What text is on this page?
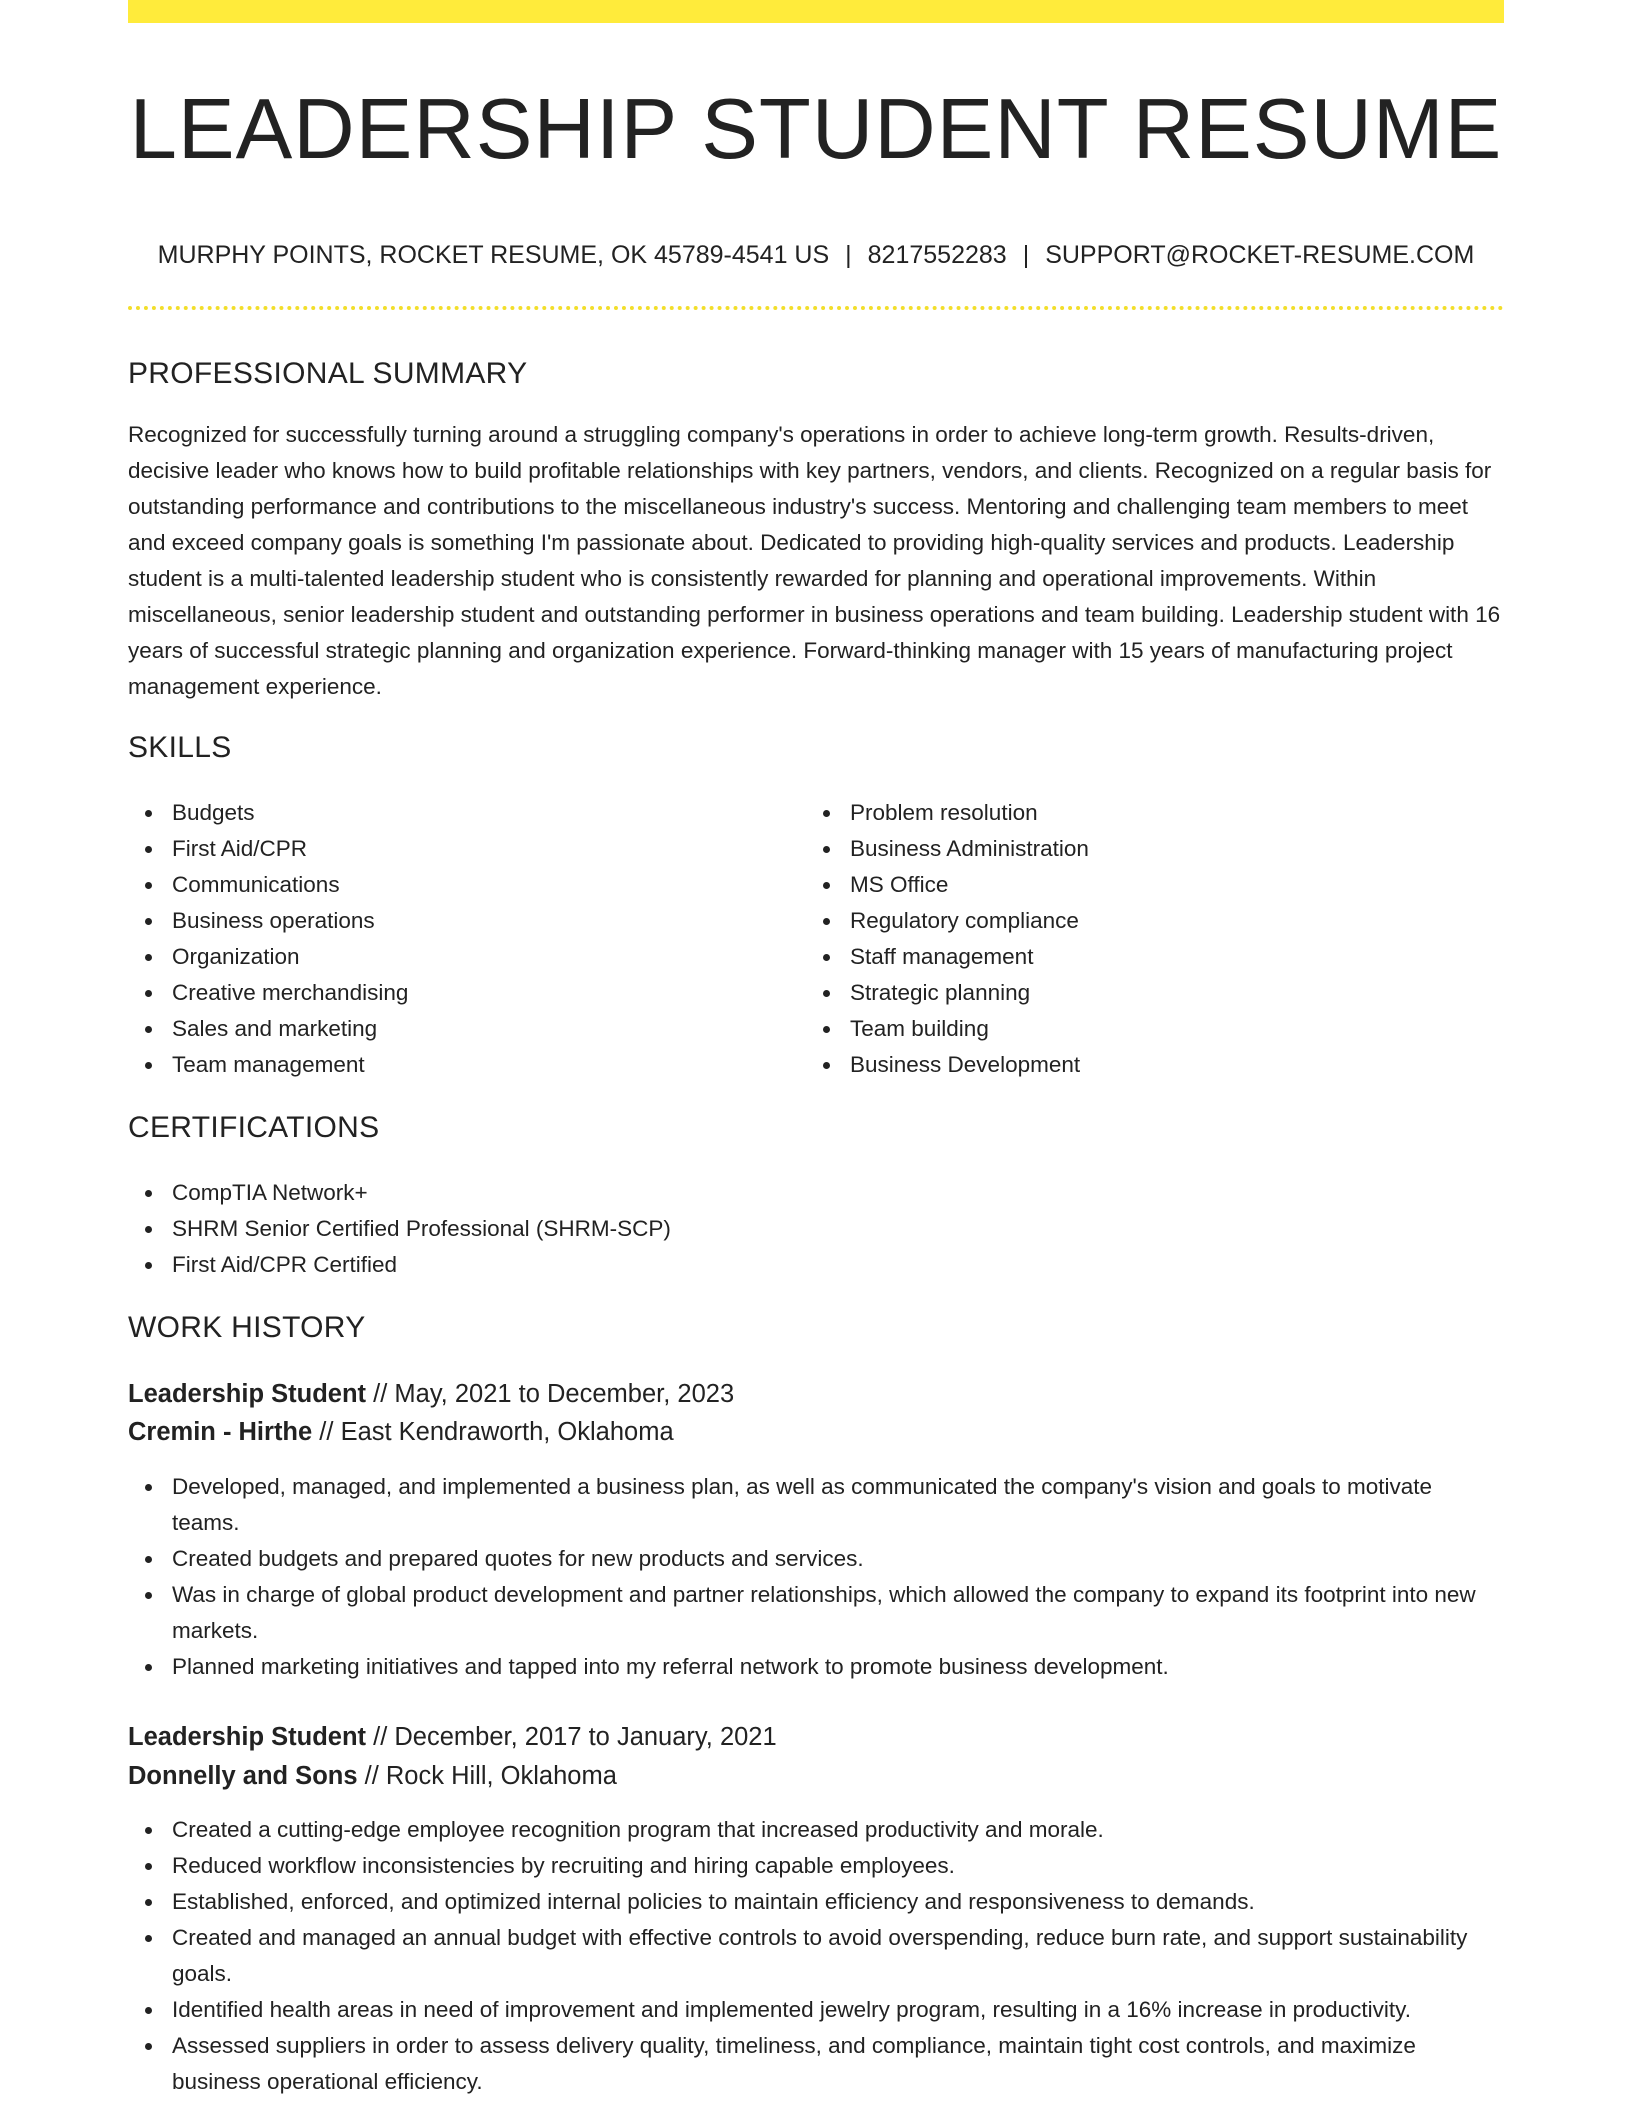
LEADERSHIP STUDENT RESUME
MURPHY POINTS, ROCKET RESUME, OK 45789-4541 US | 8217552283 | SUPPORT@ROCKET-RESUME.COM
PROFESSIONAL SUMMARY

Recognized for successfully turning around a struggling company's operations in order to achieve long-term growth. Results-driven, decisive leader who knows how to build profitable relationships with key partners, vendors, and clients. Recognized on a regular basis for outstanding performance and contributions to the miscellaneous industry's success. Mentoring and challenging team members to meet and exceed company goals is something I'm passionate about. Dedicated to providing high-quality services and products. Leadership student is a multi-talented leadership student who is consistently rewarded for planning and operational improvements. Within miscellaneous, senior leadership student and outstanding performer in business operations and team building. Leadership student with 16 years of successful strategic planning and organization experience. Forward-thinking manager with 15 years of manufacturing project management experience.

SKILLS
Budgets
First Aid/CPR
Communications
Business operations
Organization
Creative merchandising
Sales and marketing
Team management
Problem resolution
Business Administration
MS Office
Regulatory compliance
Staff management
Strategic planning
Team building
Business Development
CERTIFICATIONS
CompTIA Network+
SHRM Senior Certified Professional (SHRM-SCP)
First Aid/CPR Certified
WORK HISTORY
Leadership Student // May, 2021 to December, 2023
Cremin - Hirthe // East Kendraworth, Oklahoma
Developed, managed, and implemented a business plan, as well as communicated the company's vision and goals to motivate teams.
Created budgets and prepared quotes for new products and services.
Was in charge of global product development and partner relationships, which allowed the company to expand its footprint into new markets.
Planned marketing initiatives and tapped into my referral network to promote business development.
Leadership Student // December, 2017 to January, 2021
Donnelly and Sons // Rock Hill, Oklahoma
Created a cutting-edge employee recognition program that increased productivity and morale.
Reduced workflow inconsistencies by recruiting and hiring capable employees.
Established, enforced, and optimized internal policies to maintain efficiency and responsiveness to demands.
Created and managed an annual budget with effective controls to avoid overspending, reduce burn rate, and support sustainability goals.
Identified health areas in need of improvement and implemented jewelry program, resulting in a 16% increase in productivity.
Assessed suppliers in order to assess delivery quality, timeliness, and compliance, maintain tight cost controls, and maximize business operational efficiency.
